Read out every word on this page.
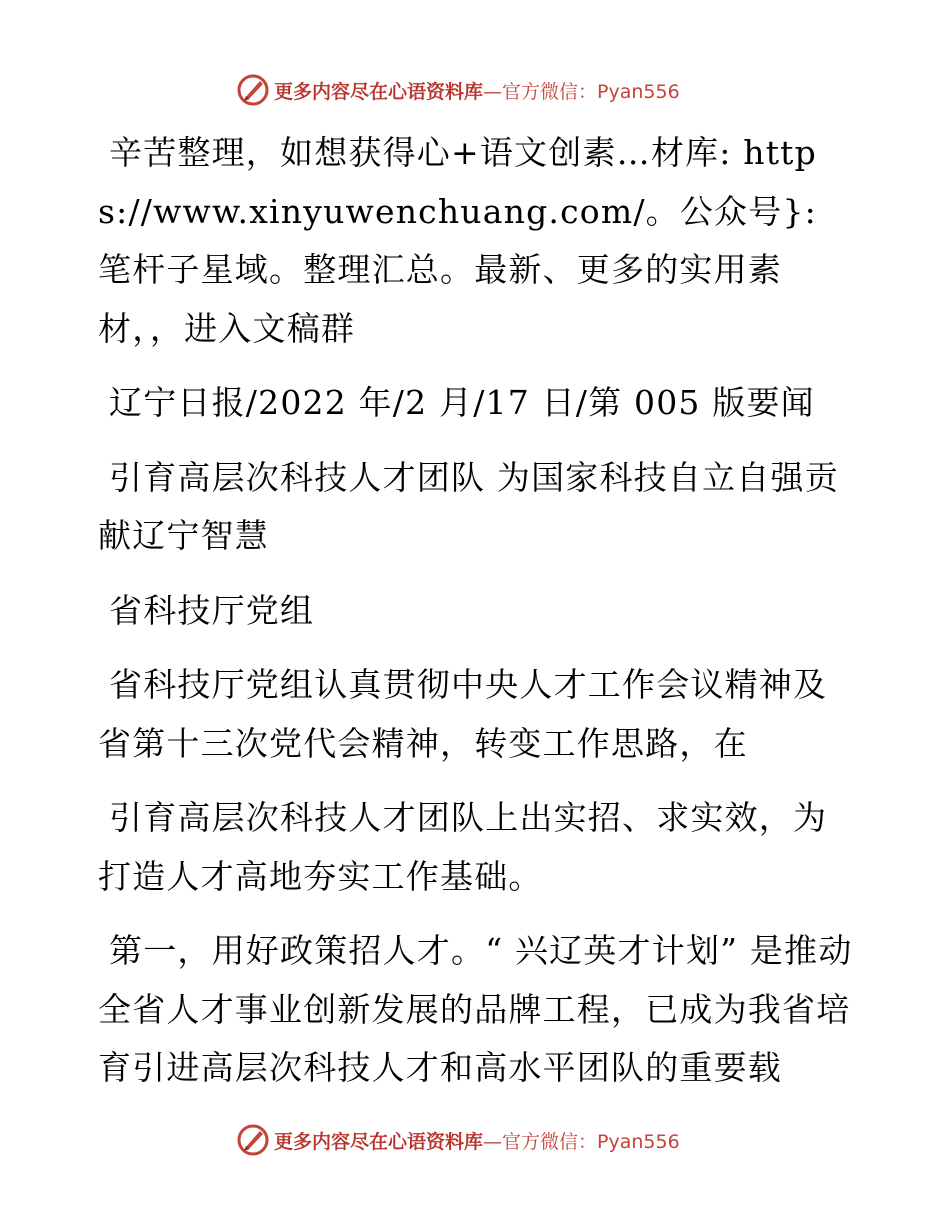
更多内容尽在心语资料库—官方微信：Pyan556

辛苦整理，如想获得心+语文创素…材库: https://www.xinyuwenchuang.com/。公众号}: 笔杆子星域。整理汇总。最新、更多的实用素材，，进入文稿群

辽宁日报/2022 年/2 月/17 日/第 005 版要闻

引育高层次科技人才团队 为国家科技自立自强贡献辽宁智慧

省科技厅党组

省科技厅党组认真贯彻中央人才工作会议精神及省第十三次党代会精神，转变工作思路，在

引育高层次科技人才团队上出实招、求实效，为打造人才高地夯实工作基础。

第一，用好政策招人才。“ 兴辽英才计划” 是推动全省人才事业创新发展的品牌工程，已成为我省培育引进高层次科技人才和高水平团队的重要载

更多内容尽在心语资料库—官方微信：Pyan556
